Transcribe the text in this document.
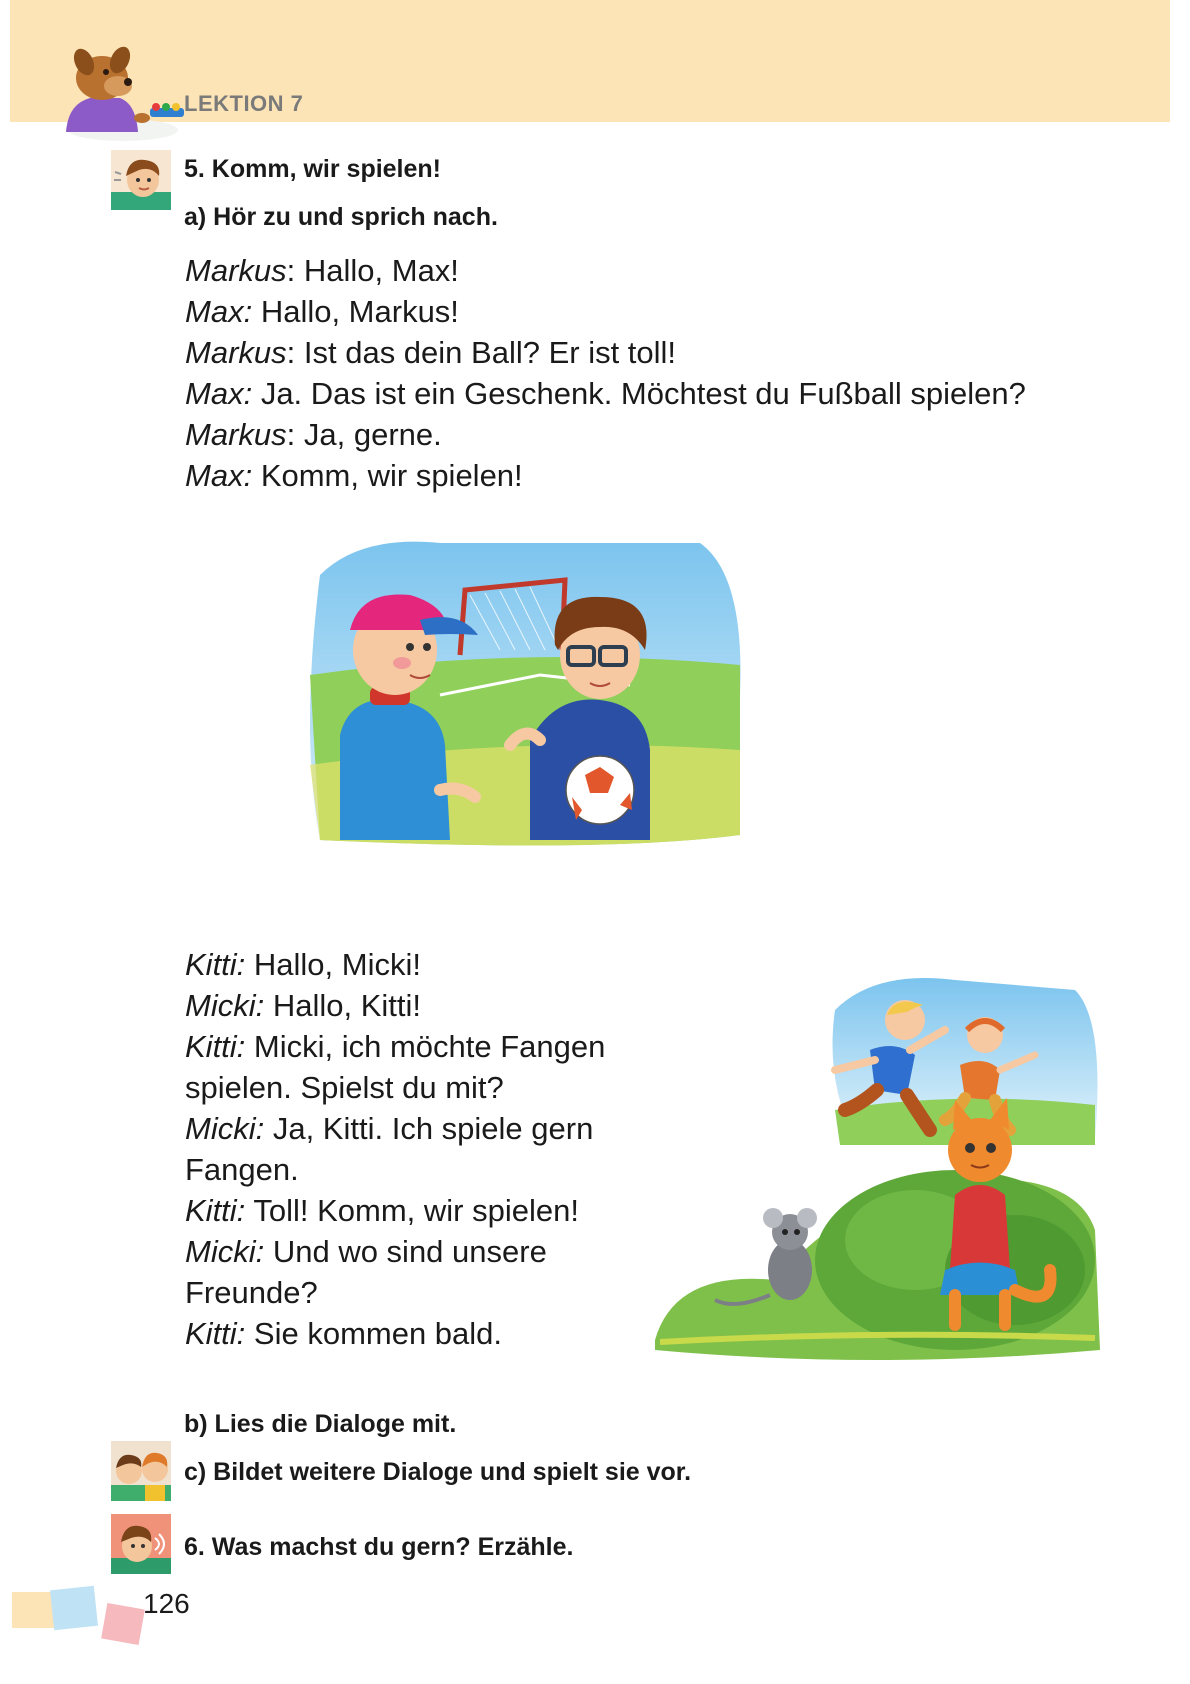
LEKTION 7
5. Komm, wir spielen!
a) Hör zu und sprich nach.
Markus: Hallo, Max!
Max: Hallo, Markus!
Markus: Ist das dein Ball? Er ist toll!
Max: Ja. Das ist ein Geschenk. Möchtest du Fußball spielen?
Markus: Ja, gerne.
Max: Komm, wir spielen!
Kitti: Hallo, Micki!
Micki: Hallo, Kitti!
Kitti: Micki, ich möchte Fangen
spielen. Spielst du mit?
Micki: Ja, Kitti. Ich spiele gern
Fangen.
Kitti: Toll! Komm, wir spielen!
Micki: Und wo sind unsere
Freunde?
Kitti: Sie kommen bald.
b) Lies die Dialoge mit.
c) Bildet weitere Dialoge und spielt sie vor.
6. Was machst du gern? Erzähle.
126
